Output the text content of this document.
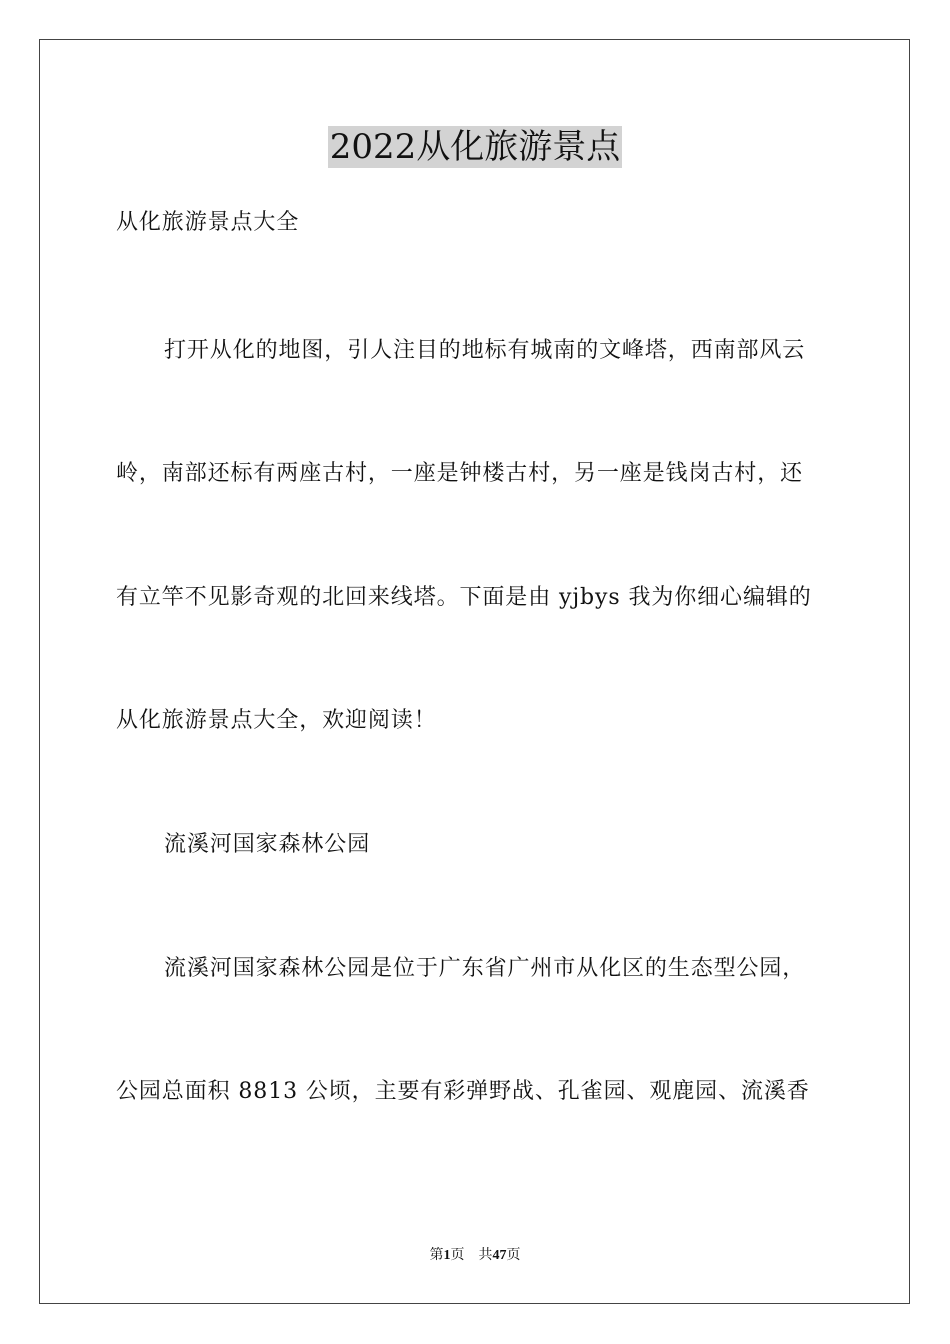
2022从化旅游景点
从化旅游景点大全
打开从化的地图，引人注目的地标有城南的文峰塔，西南部风云
岭，南部还标有两座古村，一座是钟楼古村，另一座是钱岗古村，还
有立竿不见影奇观的北回来线塔。下面是由 yjbys 我为你细心编辑的
从化旅游景点大全，欢迎阅读！
流溪河国家森林公园
流溪河国家森林公园是位于广东省广州市从化区的生态型公园，
公园总面积 8813 公顷，主要有彩弹野战、孔雀园、观鹿园、流溪香
第1页 共47页
